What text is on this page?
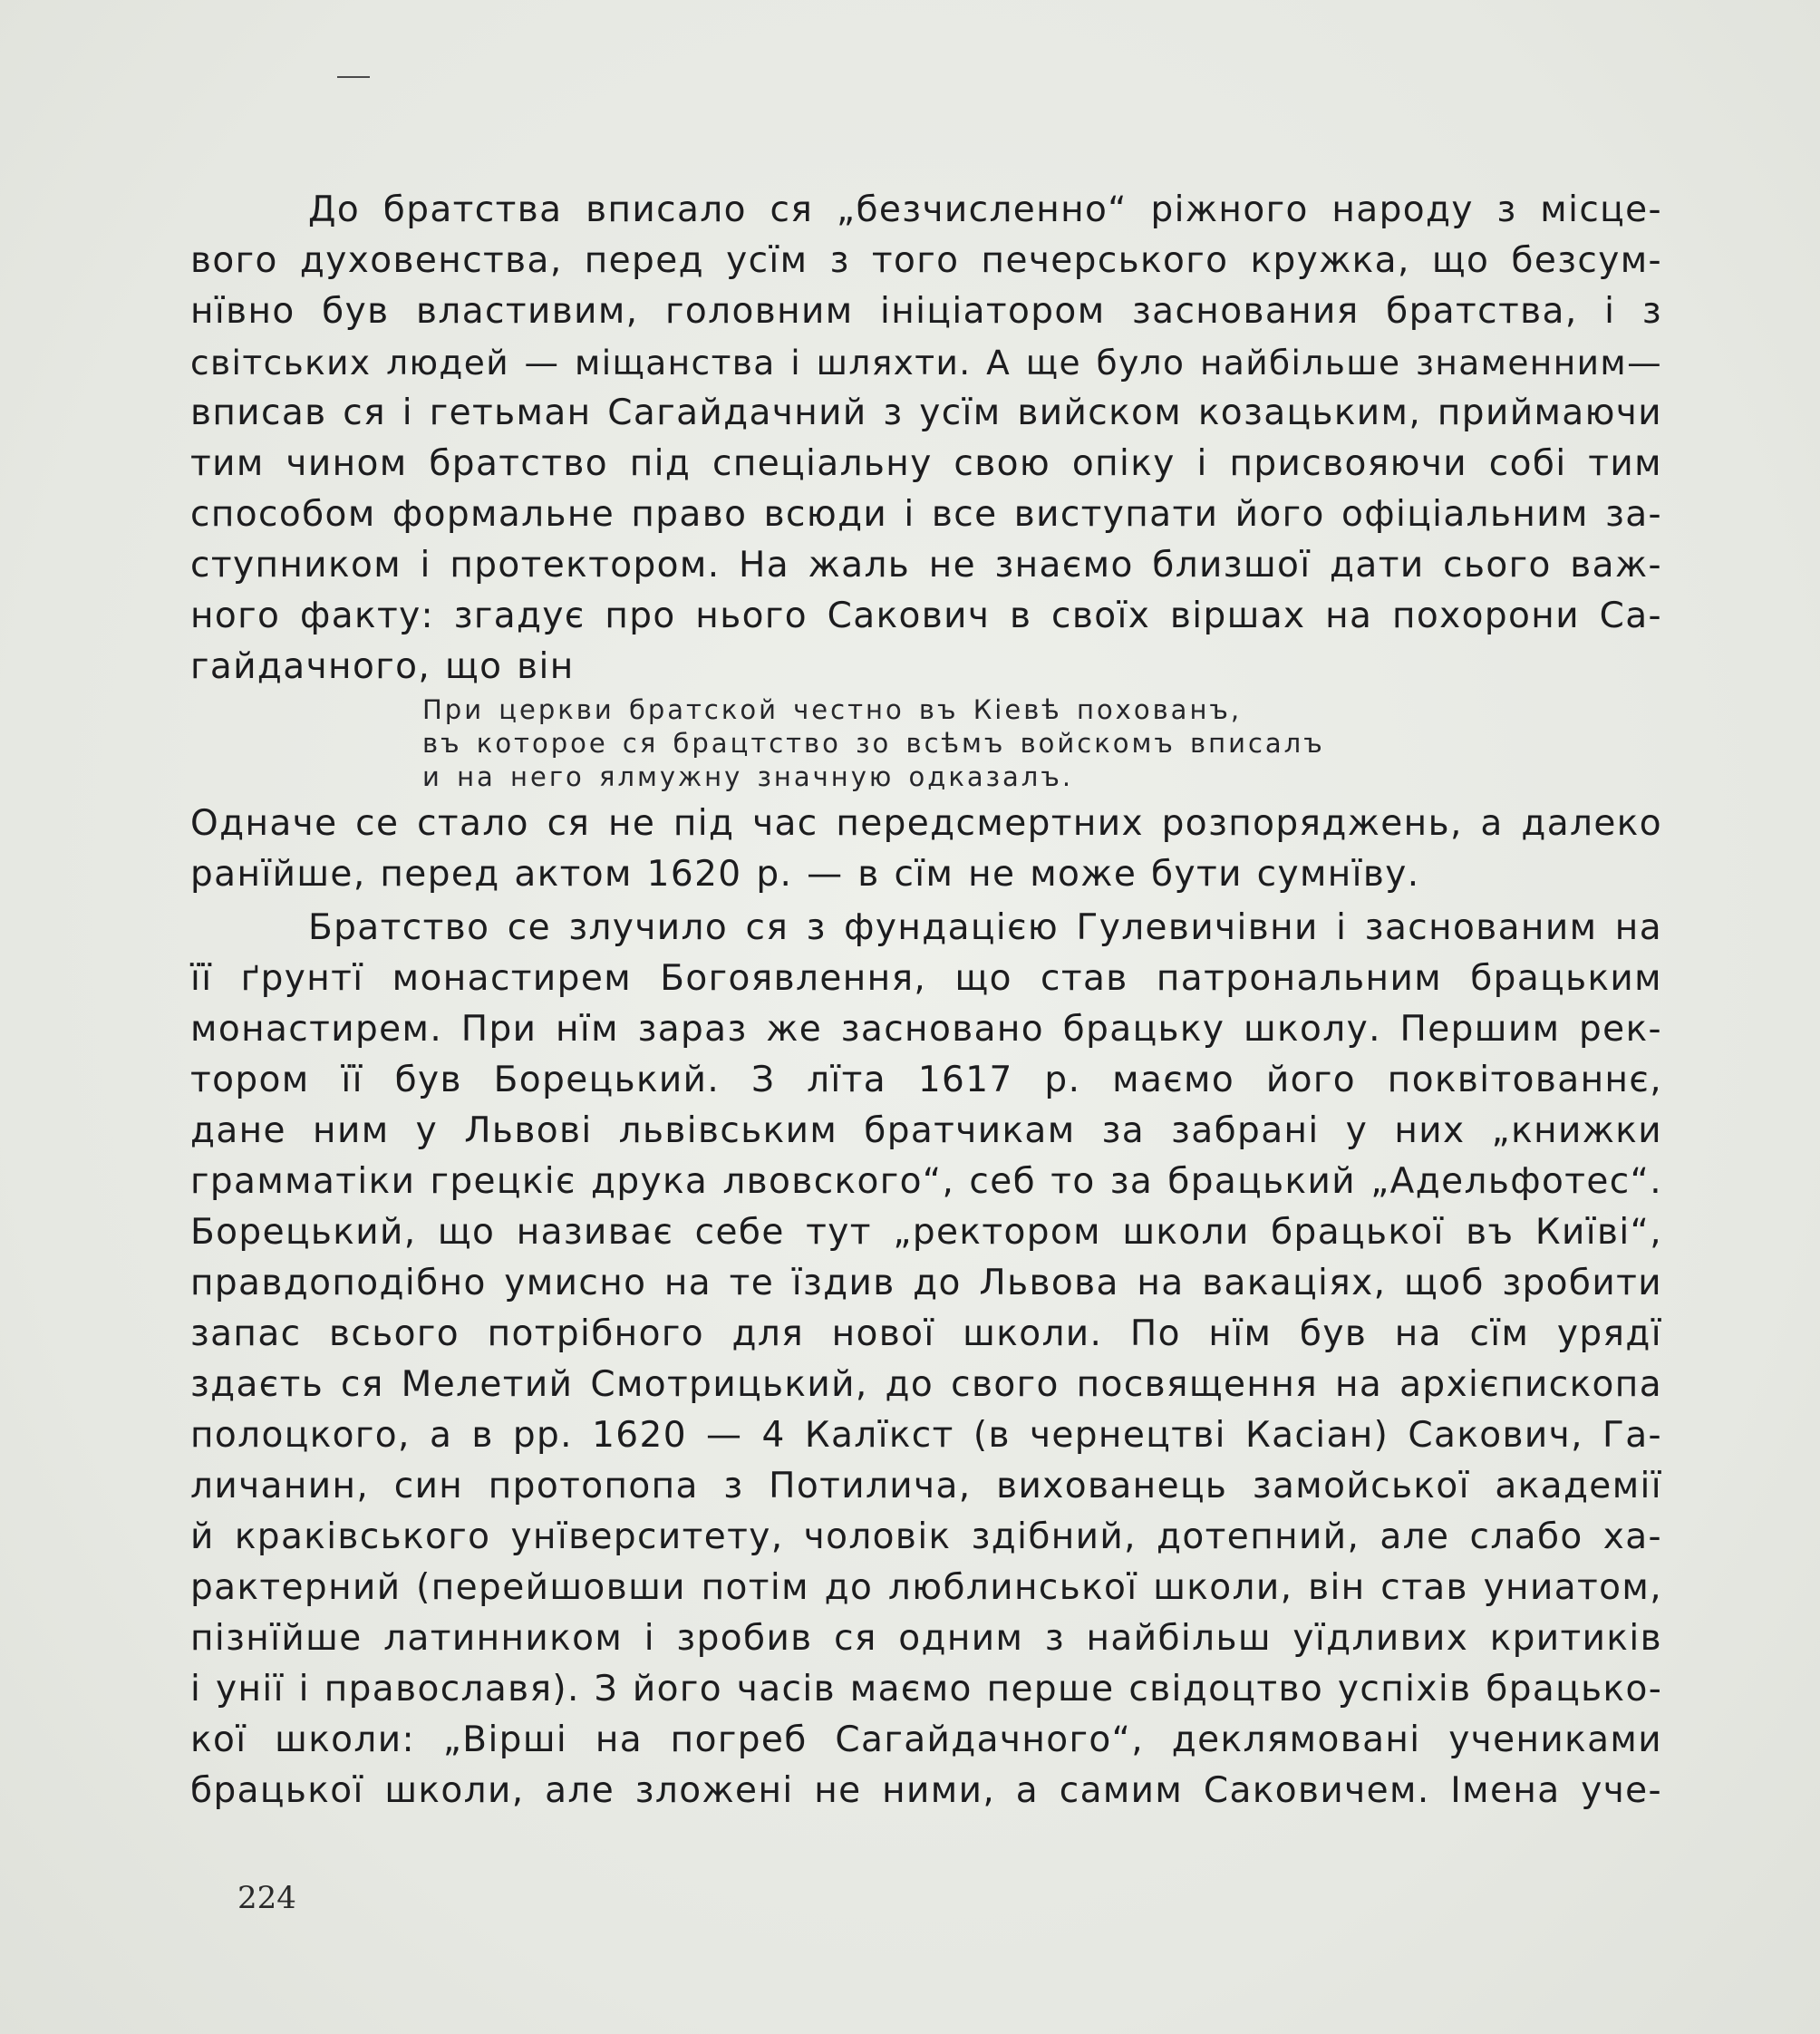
До братства вписало ся „безчисленно“ ріжного народу з місце-
вого духовенства, перед усїм з того печерського кружка, що безсум-
нївно був властивим, головним ініціатором заснования братства, і з
світських людей — міщанства і шляхти. А ще було найбільше знаменним—
вписав ся і гетьман Сагайдачний з усїм вийском козацьким, приймаючи
тим чином братство під спеціальну свою опіку і присвояючи собі тим
способом формальне право всюди і все виступати його офіціальним за-
ступником і протектором. На жаль не знаємо близшої дати сього важ-
ного факту: згадує про нього Сакович в своїх віршах на похорони Са-
гайдачного, що він
При церкви братской честно въ Кіевѣ похованъ,
въ которое ся брацтство зо всѣмъ войскомъ вписалъ
и на него ялмужну значную одказалъ.
Одначе се стало ся не під час передсмертних розпоряджень, а далеко
ранїйше, перед актом 1620 р. — в сїм не може бути сумнїву.
Братство се злучило ся з фундацією Гулевичівни і заснованим на
її ґрунтї монастирем Богоявлення, що став патрональним брацьким
монастирем. При нїм зараз же засновано брацьку школу. Першим рек-
тором її був Борецький. З лїта 1617 р. маємо його поквітованнє,
дане ним у Львові львівським братчикам за забрані у них „книжки
грамматіки грецкіє друка лвовского“, себ то за брацький „Адельфотес“.
Борецький, що називає себе тут „ректором школи брацької въ Київі“,
правдоподібно умисно на те їздив до Львова на вакаціях, щоб зробити
запас всього потрібного для нової школи. По нїм був на сїм урядї
здаєть ся Мелетий Смотрицький, до свого посвящення на архієпископа
полоцкого, а в рр. 1620 — 4 Калїкст (в чернецтві Касіан) Сакович, Га-
личанин, син протопопа з Потилича, вихованець замойської академії
й краківського унїверситету, чоловік здібний, дотепний, але слабо ха-
рактерний (перейшовши потім до люблинської школи, він став униатом,
пізнїйше латинником і зробив ся одним з найбільш уїдливих критиків
і унії і православя). З його часів маємо перше свідоцтво успіхів брацько-
кої школи: „Вірші на погреб Сагайдачного“, деклямовані учениками
брацької школи, але зложені не ними, а самим Саковичем. Імена уче-
224
